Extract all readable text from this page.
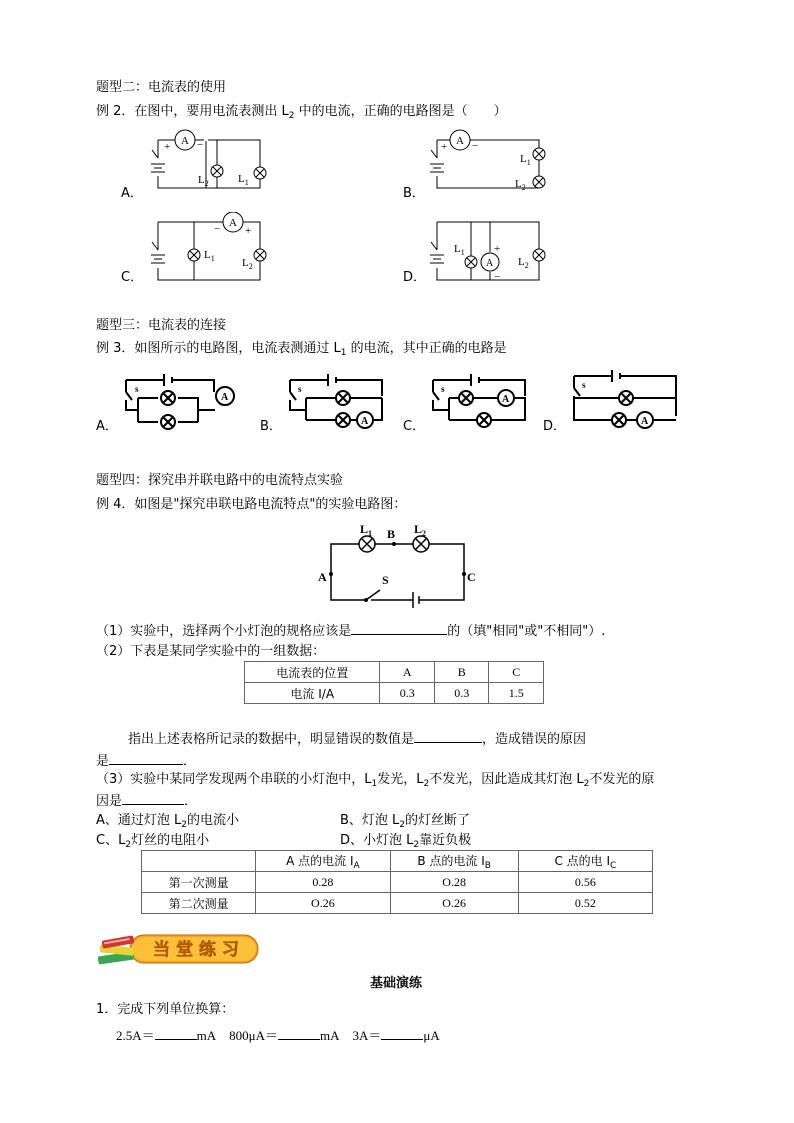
题型二：电流表的使用
例 2．在图中，要用电流表测出 $L_2$ 中的电流，正确的电路图是（　　）
A
+ −
$L_2$	$L_1$
A．
A
+ −
$L_1$
$L_2$
B．
A
− +
$L_1$ $L_2$
C．
A
+
−
$L_1$
$L_2$
D．
题型三：电流表的连接
例 3．如图所示的电路图，电流表测通过 $L_1$ 的电流，其中正确的电路是
A
s
A．	A
s
B．
A
s
C．	A
s
D．
题型四：探究串并联电路中的电流特点实验
例 4．如图是"探究串联电路电流特点"的实验电路图：
A
B
C
S
$L_1$	$L_2$
（1）实验中，选择两个小灯泡的规格应该是	的（填"相同"或"不相同"）.
（2）下表是某同学实验中的一组数据：
电流表的位置	A	B	C
电流 I/A	0.3	0.3	1.5
指出上述表格所记录的数据中，明显错误的数值是	，造成错误的原因
是	．
（3）实验中某同学发现两个串联的小灯泡中，$L_1$发光，$L_2$不发光，因此造成其灯泡 $L_2$不发光的原
因是	．
A、通过灯泡 $L_2$的电流小	B、灯泡 $L_2$的灯丝断了
C、$L_2$灯丝的电阻小	D、小灯泡 $L_2$靠近负极
	A 点的电流 $I_A$	B 点的电流 $I_B$	C 点的电 $I_C$
第一次测量	0.28	O.28	0.56
第二次测量	O.26	O.26	0.52
当 堂 练 习
基础演练
1．完成下列单位换算：
2.5A＝	mA 800μA＝	mA 3A＝	μA
